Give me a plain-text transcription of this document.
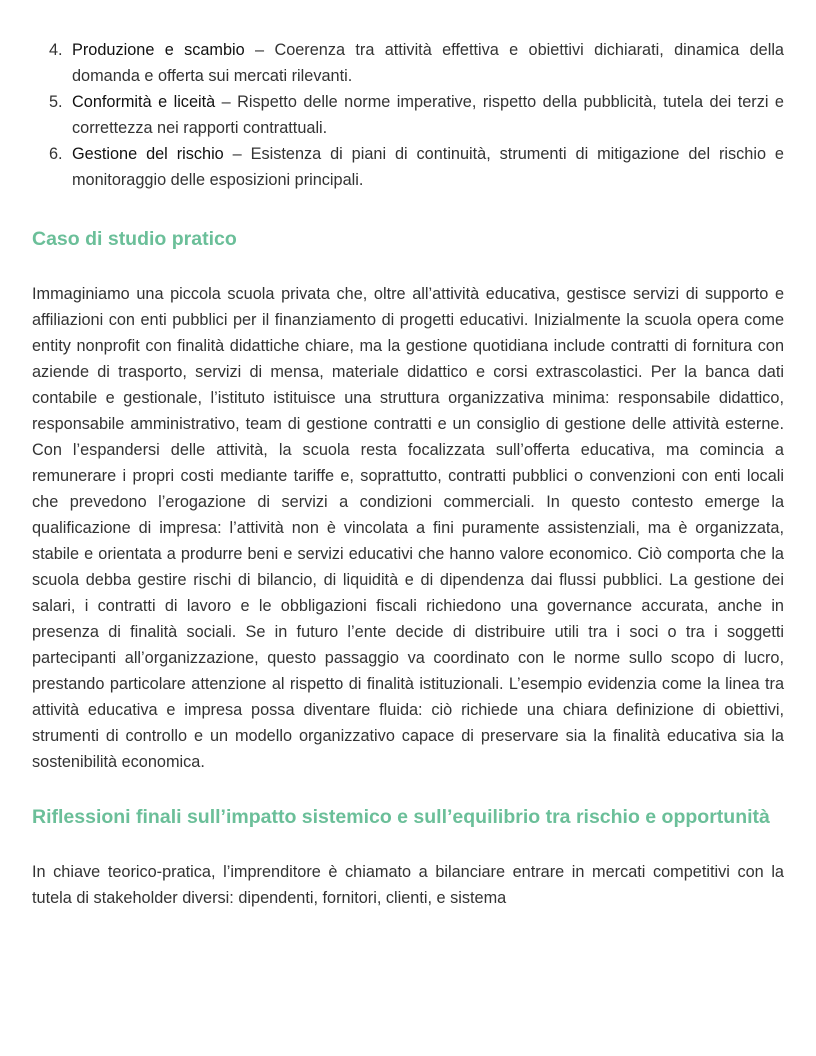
4. Produzione e scambio – Coerenza tra attività effettiva e obiettivi dichiarati, dinamica della domanda e offerta sui mercati rilevanti.
5. Conformità e liceità – Rispetto delle norme imperative, rispetto della pubblicità, tutela dei terzi e correttezza nei rapporti contrattuali.
6. Gestione del rischio – Esistenza di piani di continuità, strumenti di mitigazione del rischio e monitoraggio delle esposizioni principali.
Caso di studio pratico

Immaginiamo una piccola scuola privata che, oltre all’attività educativa, gestisce servizi di supporto e affiliazioni con enti pubblici per il finanziamento di progetti educativi. Inizialmente la scuola opera come entity nonprofit con finalità didattiche chiare, ma la gestione quotidiana include contratti di fornitura con aziende di trasporto, servizi di mensa, materiale didattico e corsi extrascolastici. Per la banca dati contabile e gestionale, l’istituto istituisce una struttura organizzativa minima: responsabile didattico, responsabile amministrativo, team di gestione contratti e un consiglio di gestione delle attività esterne. Con l’espandersi delle attività, la scuola resta focalizzata sull’offerta educativa, ma comincia a remunerare i propri costi mediante tariffe e, soprattutto, contratti pubblici o convenzioni con enti locali che prevedono l’erogazione di servizi a condizioni commerciali. In questo contesto emerge la qualificazione di impresa: l’attività non è vincolata a fini puramente assistenziali, ma è organizzata, stabile e orientata a produrre beni e servizi educativi che hanno valore economico. Ciò comporta che la scuola debba gestire rischi di bilancio, di liquidità e di dipendenza dai flussi pubblici. La gestione dei salari, i contratti di lavoro e le obbligazioni fiscali richiedono una governance accurata, anche in presenza di finalità sociali. Se in futuro l’ente decide di distribuire utili tra i soci o tra i soggetti partecipanti all’organizzazione, questo passaggio va coordinato con le norme sullo scopo di lucro, prestando particolare attenzione al rispetto di finalità istituzionali. L’esempio evidenzia come la linea tra attività educativa e impresa possa diventare fluida: ciò richiede una chiara definizione di obiettivi, strumenti di controllo e un modello organizzativo capace di preservare sia la finalità educativa sia la sostenibilità economica.

Riflessioni finali sull’impatto sistemico e sull’equilibrio tra rischio e opportunità

In chiave teorico-pratica, l’imprenditore è chiamato a bilanciare entrare in mercati competitivi con la tutela di stakeholder diversi: dipendenti, fornitori, clienti, e sistema
